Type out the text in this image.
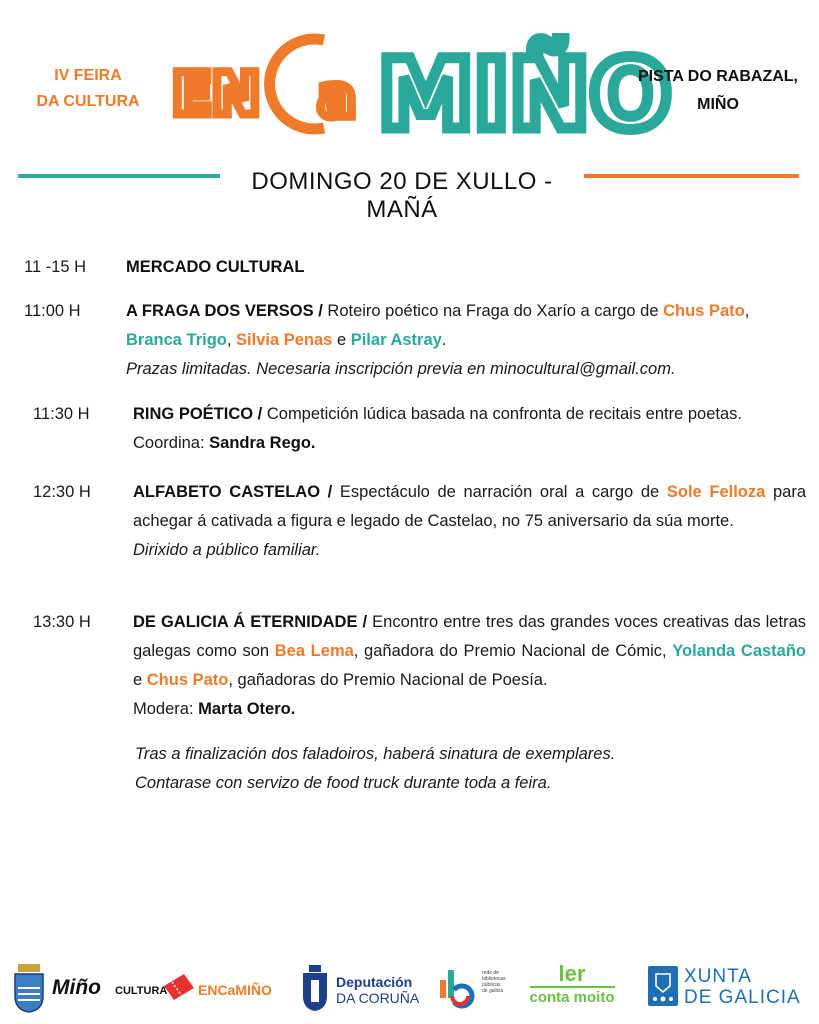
IV FEIRA
DA CULTURA EN a MIÑO
PISTA DO RABAZAL,
MIÑO
DOMINGO 20 DE XULLO - MAÑÁ
11 -15 H MERCADO CULTURAL
11:00 H	A FRAGA DOS VERSOS / Roteiro poético na Fraga do Xarío a cargo de Chus Pato,
Branca Trigo, Silvia Penas e Pilar Astray.
Prazas limitadas. Necesaria inscripción previa en minocultural@gmail.com.
11:30 H	RING POÉTICO / Competición lúdica basada na confronta de recitais entre poetas.
Coordina: Sandra Rego.
12:30 H	ALFABETO CASTELAO / Espectáculo de narración oral a cargo de Sole Felloza para achegar á cativada a figura e legado de Castelao, no 75 aniversario da súa morte.
Dirixido a público familiar.
13:30 H	DE GALICIA Á ETERNIDADE / Encontro entre tres das grandes voces creativas das letras galegas como son Bea Lema, gañadora do Premio Nacional de Cómic, Yolanda Castaño e Chus Pato, gañadoras do Premio Nacional de Poesía.
Modera: Marta Otero.
Tras a finalización dos faladoiros, haberá sinatura de exemplares.
Contarase con servizo de food truck durante toda a feira.
Miño CULTURA ENCaMIÑO	Deputación
DA CORUÑA
rede de bibliotecas públicas de galicia
ler
conta moito
XUNTA
DE GALICIA
